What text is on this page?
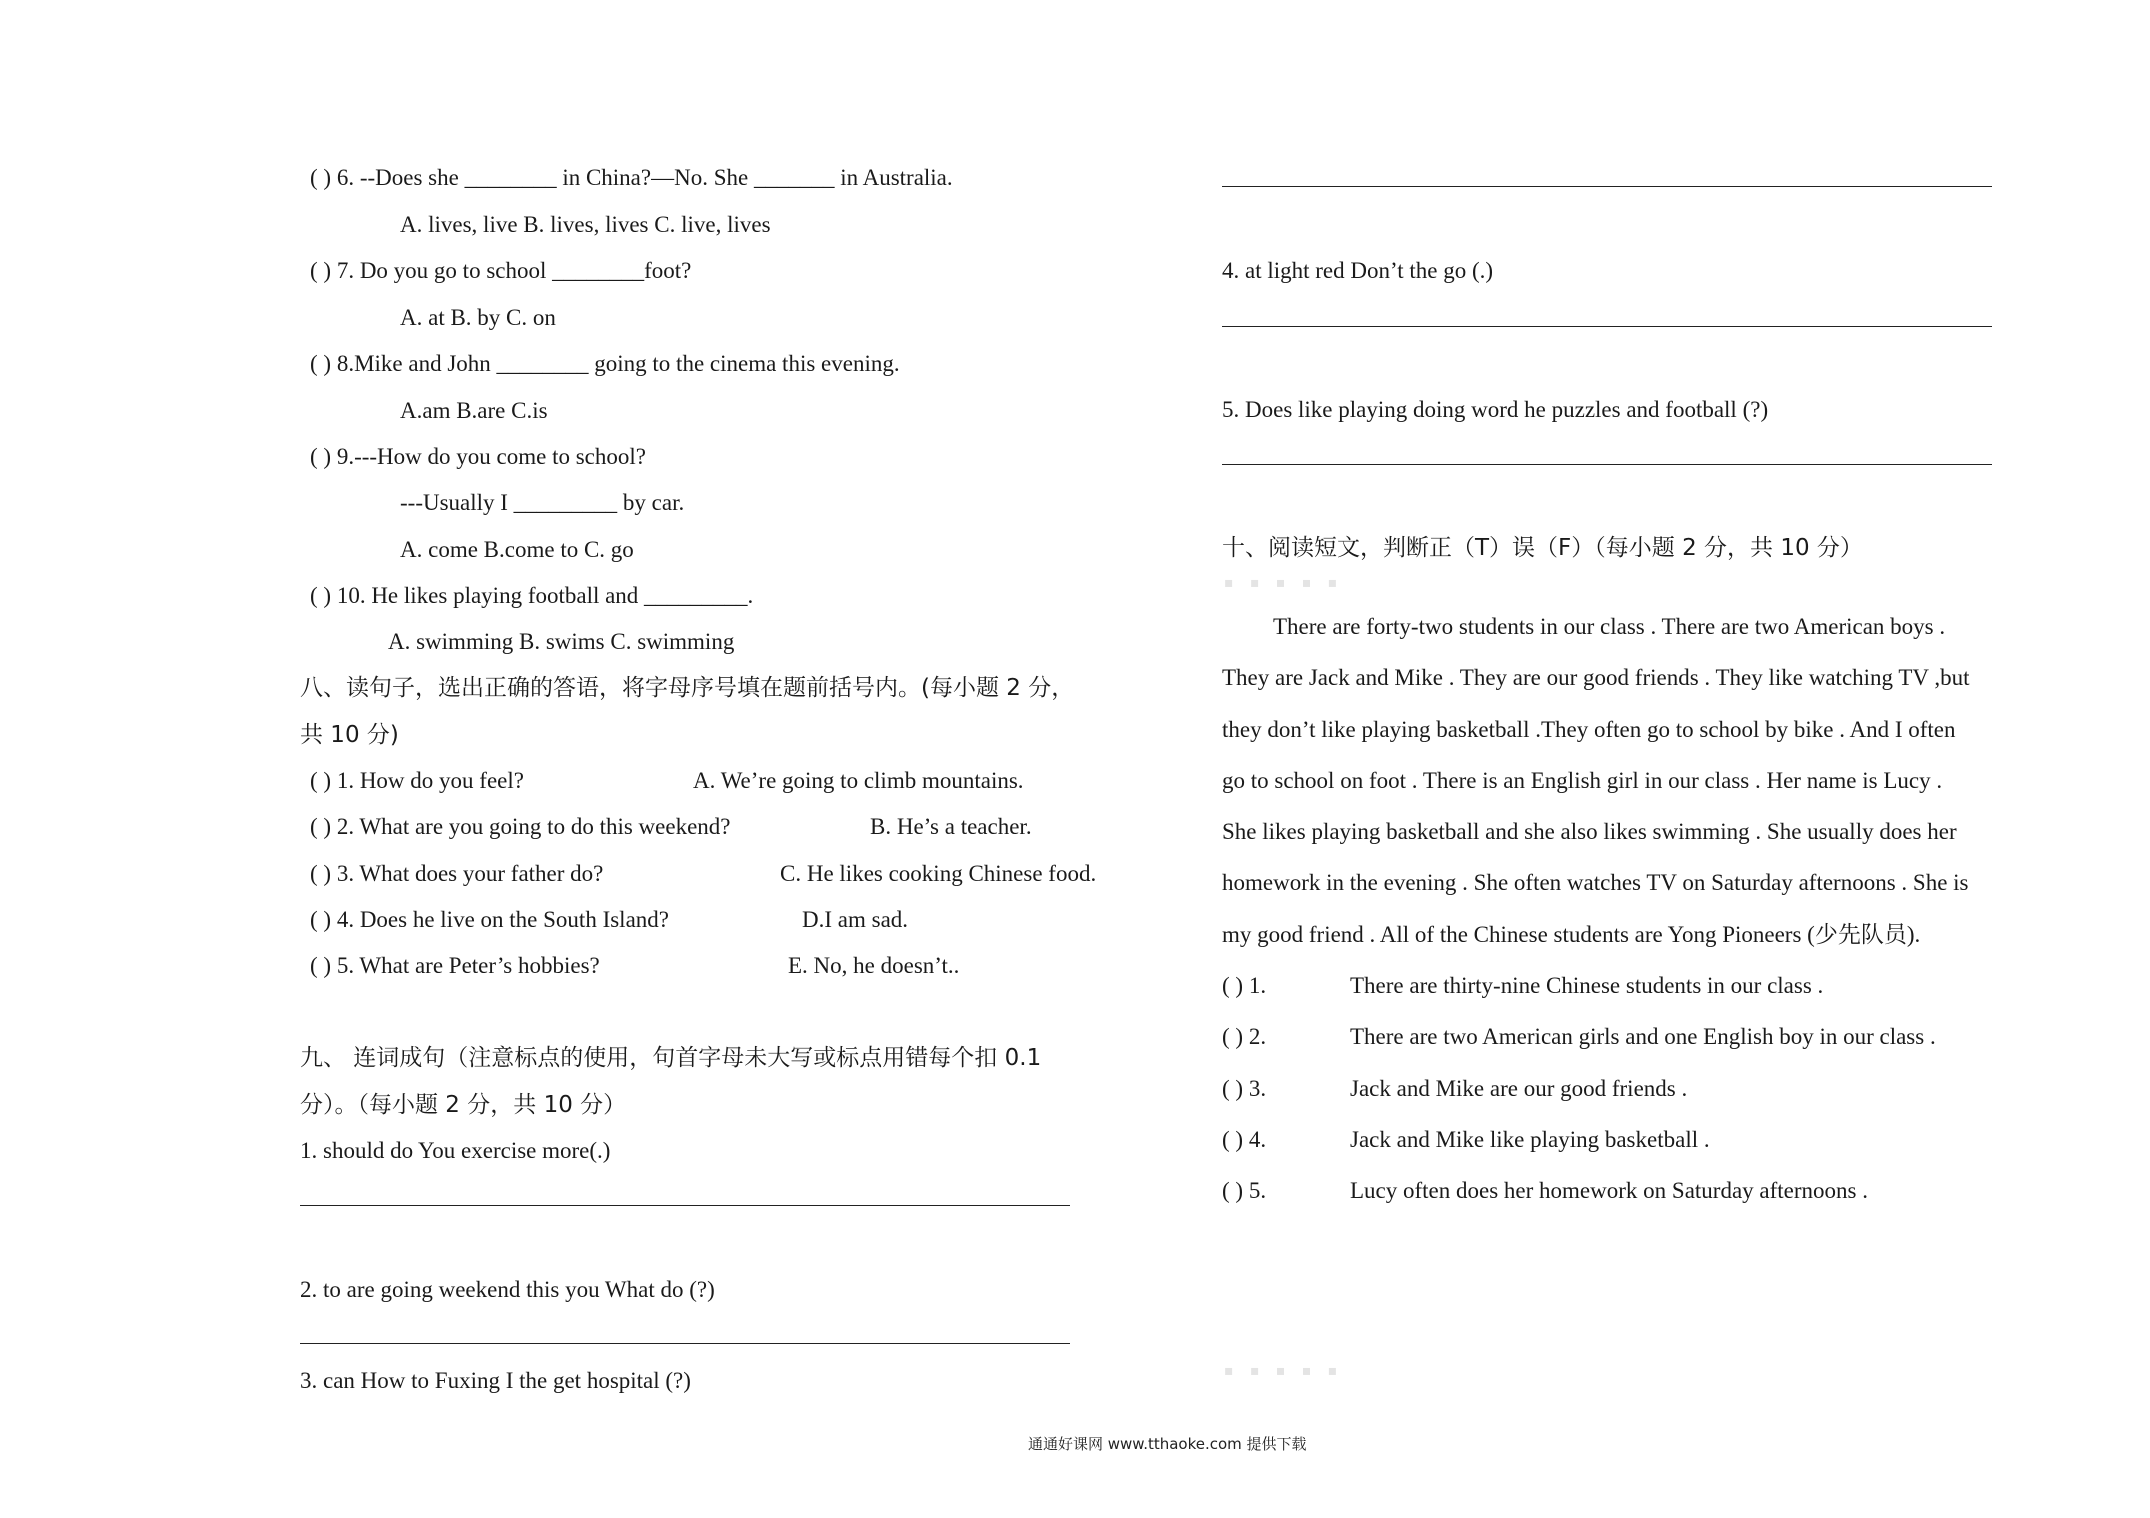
( ) 6. --Does she ________ in China?—No. She _______ in Australia.
A. lives, live B. lives, lives C. live, lives
( ) 7. Do you go to school ________foot?
A. at B. by C. on
( ) 8.Mike and John ________ going to the cinema this evening.
A.am B.are C.is
( ) 9.---How do you come to school?
---Usually I _________ by car.
A. come B.come to C. go
( ) 10. He likes playing football and _________.
A. swimming B. swims C. swimming
八、读句子，选出正确的答语，将字母序号填在题前括号内。(每小题 2 分，
共 10 分)
( ) 1. How do you feel?	A. We’re going to climb mountains.
( ) 2. What are you going to do this weekend?	B. He’s a teacher.
( ) 3. What does your father do?	C. He likes cooking Chinese food.
( ) 4. Does he live on the South Island?	D.I am sad.
( ) 5. What are Peter’s hobbies?	E. No, he doesn’t..
九、 连词成句（注意标点的使用，句首字母未大写或标点用错每个扣 0.1
分）。（每小题 2 分，共 10 分）
1. should do You exercise more(.)
2. to are going weekend this you What do (?)
3. can How to Fuxing I the get hospital (?)
4. at light red Don’t the go (.)
5. Does like playing doing word he puzzles and football (?)
十、阅读短文，判断正（T）误（F）（每小题 2 分，共 10 分）
▪ ▪ ▪ ▪ ▪
There are forty-two students in our class . There are two American boys .
They are Jack and Mike . They are our good friends . They like watching TV ,but
they don’t like playing basketball .They often go to school by bike . And I often
go to school on foot . There is an English girl in our class . Her name is Lucy .
She likes playing basketball and she also likes swimming . She usually does her
homework in the evening . She often watches TV on Saturday afternoons . She is
my good friend . All of the Chinese students are Yong Pioneers (少先队员).
( ) 1.	There are thirty-nine Chinese students in our class .
( ) 2.	There are two American girls and one English boy in our class .
( ) 3.	Jack and Mike are our good friends .
( ) 4.	Jack and Mike like playing basketball .
( ) 5.	Lucy often does her homework on Saturday afternoons .
▪ ▪ ▪ ▪ ▪
通通好课网 www.tthaoke.com 提供下载
